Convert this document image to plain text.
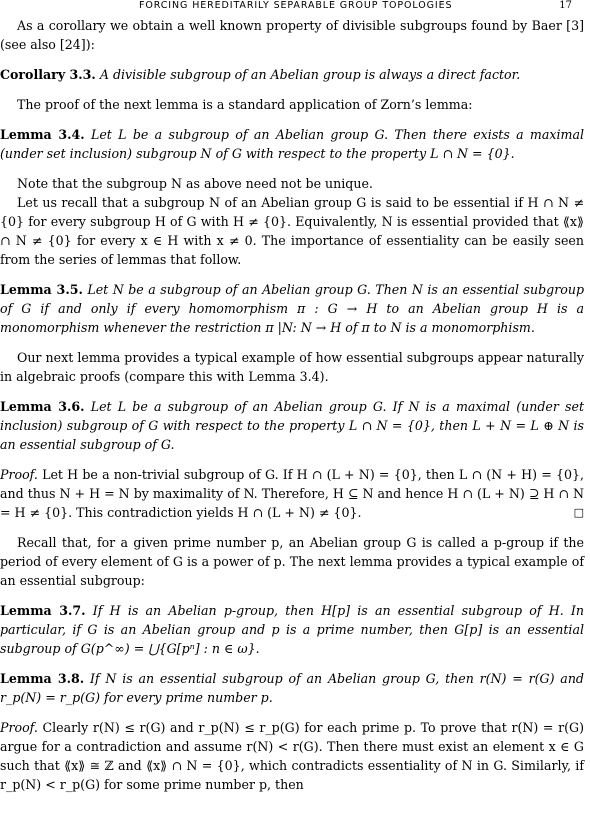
FORCING HEREDITARILY SEPARABLE GROUP TOPOLOGIES	17

As a corollary we obtain a well known property of divisible subgroups found by Baer [3] (see also [24]):

Corollary 3.3. A divisible subgroup of an Abelian group is always a direct factor.

The proof of the next lemma is a standard application of Zorn’s lemma:

Lemma 3.4. Let L be a subgroup of an Abelian group G. Then there exists a maximal (under set inclusion) subgroup N of G with respect to the property L ∩ N = {0}.

Note that the subgroup N as above need not be unique.

Let us recall that a subgroup N of an Abelian group G is said to be essential if H ∩ N ≠ {0} for every subgroup H of G with H ≠ {0}. Equivalently, N is essential provided that ⟪x⟫ ∩ N ≠ {0} for every x ∈ H with x ≠ 0. The importance of essentiality can be easily seen from the series of lemmas that follow.

Lemma 3.5. Let N be a subgroup of an Abelian group G. Then N is an essential subgroup of G if and only if every homomorphism π : G → H to an Abelian group H is a monomorphism whenever the restriction π |N: N → H of π to N is a monomorphism.

Our next lemma provides a typical example of how essential subgroups appear naturally in algebraic proofs (compare this with Lemma 3.4).

Lemma 3.6. Let L be a subgroup of an Abelian group G. If N is a maximal (under set inclusion) subgroup of G with respect to the property L ∩ N = {0}, then L + N = L ⊕ N is an essential subgroup of G.

Proof. Let H be a non-trivial subgroup of G. If H ∩ (L + N) = {0}, then L ∩ (N + H) = {0}, and thus N + H = N by maximality of N. Therefore, H ⊆ N and hence H ∩ (L + N) ⊇ H ∩ N = H ≠ {0}. This contradiction yields H ∩ (L + N) ≠ {0}.	□

Recall that, for a given prime number p, an Abelian group G is called a p-group if the period of every element of G is a power of p. The next lemma provides a typical example of an essential subgroup:

Lemma 3.7. If H is an Abelian p-group, then H[p] is an essential subgroup of H. In particular, if G is an Abelian group and p is a prime number, then G[p] is an essential subgroup of G(p^∞) = ⋃{G[pⁿ] : n ∈ ω}.

Lemma 3.8. If N is an essential subgroup of an Abelian group G, then r(N) = r(G) and r_p(N) = r_p(G) for every prime number p.

Proof. Clearly r(N) ≤ r(G) and r_p(N) ≤ r_p(G) for each prime p. To prove that r(N) = r(G) argue for a contradiction and assume r(N) < r(G). Then there must exist an element x ∈ G such that ⟪x⟫ ≅ ℤ and ⟪x⟫ ∩ N = {0}, which contradicts essentiality of N in G. Similarly, if r_p(N) < r_p(G) for some prime number p, then
